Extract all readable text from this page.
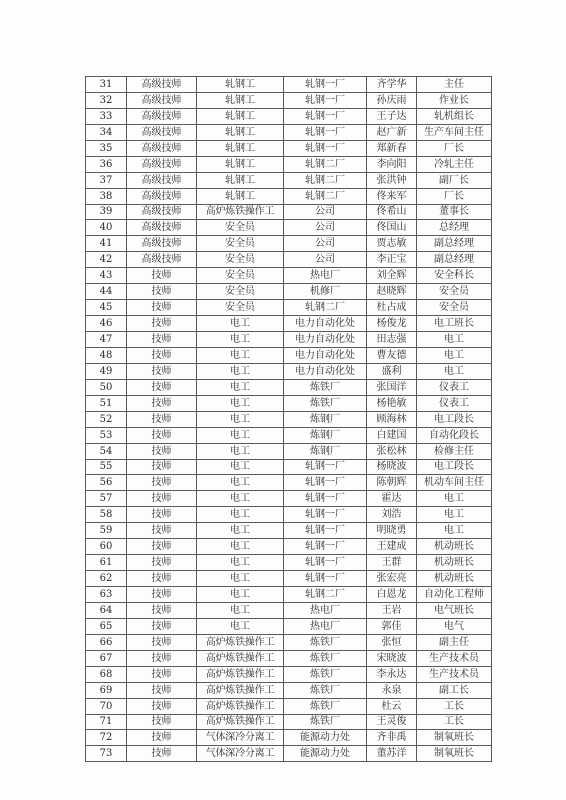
31	高级技师	轧钢工	轧钢一厂	齐学华	主任
32	高级技师	轧钢工	轧钢一厂	孙庆雨	作业长
33	高级技师	轧钢工	轧钢一厂	王子达	轧机组长
34	高级技师	轧钢工	轧钢一厂	赵广新	生产车间主任
35	高级技师	轧钢工	轧钢一厂	郑新春	厂长
36	高级技师	轧钢工	轧钢二厂	李向阳	冷轧主任
37	高级技师	轧钢工	轧钢二厂	张洪钟	副厂长
38	高级技师	轧钢工	轧钢二厂	佟来军	厂长
39	高级技师	高炉炼铁操作工	公司	佟希山	董事长
40	高级技师	安全员	公司	佟国山	总经理
41	高级技师	安全员	公司	贾志敏	副总经理
42	高级技师	安全员	公司	李正宝	副总经理
43	技师	安全员	热电厂	刘全辉	安全科长
44	技师	安全员	机修厂	赵晓辉	安全员
45	技师	安全员	轧钢二厂	杜占成	安全员
46	技师	电工	电力自动化处	杨俊龙	电工班长
47	技师	电工	电力自动化处	田志强	电工
48	技师	电工	电力自动化处	曹友德	电工
49	技师	电工	电力自动化处	盛利	电工
50	技师	电工	炼铁厂	张国洋	仪表工
51	技师	电工	炼铁厂	杨艳敏	仪表工
52	技师	电工	炼钢厂	顾海林	电工段长
53	技师	电工	炼钢厂	白建国	自动化段长
54	技师	电工	炼钢厂	张松林	检修主任
55	技师	电工	轧钢一厂	杨晓波	电工段长
56	技师	电工	轧钢一厂	陈朝辉	机动车间主任
57	技师	电工	轧钢一厂	霍达	电工
58	技师	电工	轧钢一厂	刘浩	电工
59	技师	电工	轧钢一厂	明晓勇	电工
60	技师	电工	轧钢一厂	王建成	机动班长
61	技师	电工	轧钢一厂	王群	机动班长
62	技师	电工	轧钢一厂	张宏亮	机动班长
63	技师	电工	轧钢二厂	白恩龙	自动化工程师
64	技师	电工	热电厂	王岩	电气班长
65	技师	电工	热电厂	郭佳	电气
66	技师	高炉炼铁操作工	炼铁厂	张恒	副主任
67	技师	高炉炼铁操作工	炼铁厂	宋晓波	生产技术员
68	技师	高炉炼铁操作工	炼铁厂	李永达	生产技术员
69	技师	高炉炼铁操作工	炼铁厂	永泉	副工长
70	技师	高炉炼铁操作工	炼铁厂	杜云	工长
71	技师	高炉炼铁操作工	炼铁厂	王灵俊	工长
72	技师	气体深冷分离工	能源动力处	齐非禹	制氧班长
73	技师	气体深冷分离工	能源动力处	董苏洋	制氧班长
